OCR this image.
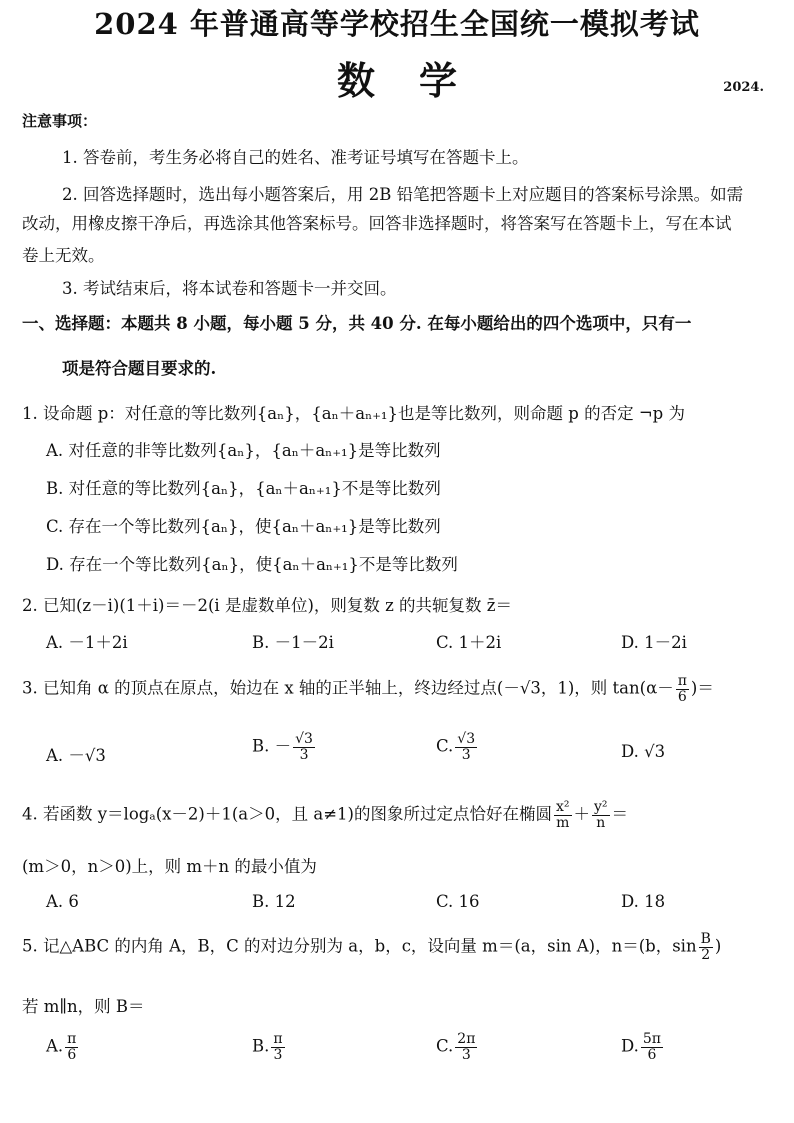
2024 年普通高等学校招生全国统一模拟考试
数学	2024.
注意事项：
1. 答卷前，考生务必将自己的姓名、准考证号填写在答题卡上。
2. 回答选择题时，选出每小题答案后，用 2B 铅笔把答题卡上对应题目的答案标号涂黑。如需
改动，用橡皮擦干净后，再选涂其他答案标号。回答非选择题时，将答案写在答题卡上，写在本试
卷上无效。
3. 考试结束后，将本试卷和答题卡一并交回。
一、选择题：本题共 8 小题，每小题 5 分，共 40 分. 在每小题给出的四个选项中，只有一
项是符合题目要求的.
1. 设命题 p：对任意的等比数列{aₙ}，{aₙ＋aₙ₊₁}也是等比数列，则命题 p 的否定 ¬p 为
A. 对任意的非等比数列{aₙ}，{aₙ＋aₙ₊₁}是等比数列
B. 对任意的等比数列{aₙ}，{aₙ＋aₙ₊₁}不是等比数列
C. 存在一个等比数列{aₙ}，使{aₙ＋aₙ₊₁}是等比数列
D. 存在一个等比数列{aₙ}，使{aₙ＋aₙ₊₁}不是等比数列
2. 已知(z－i)(1＋i)＝－2(i 是虚数单位)，则复数 z 的共轭复数 z̄＝
A. －1＋2i	B. －1－2i	C. 1＋2i	D. 1－2i
3. 已知角 α 的顶点在原点，始边在 x 轴的正半轴上，终边经过点(－√3，1)，则 $\tan(\alpha- \frac{\pi}{6}$ )＝
A. －√3	B. － $\frac{√3}{3}$	C. $\frac{√3}{3}$	D. √3
4. 若函数 y＝logₐ(x－2)＋1(a＞0，且 a≠1)的图象所过定点恰好在椭圆 $\frac{\text{x²}}{m} + \frac{\text{y²}}{n}$ ＝
(m＞0，n＞0)上，则 m＋n 的最小值为
A. 6	B. 12	C. 16	D. 18
5. 记△ABC 的内角 A，B，C 的对边分别为 a，b，c，设向量 m＝(a，sin A)，n＝(b，$\sin \frac{B}{2}$ )
若 m∥n，则 B＝
A. $\frac{\pi}{6}$	B. $\frac{\pi}{3}$	C. $\frac{2\pi}{3}$	D. $\frac{5\pi}{6}$
